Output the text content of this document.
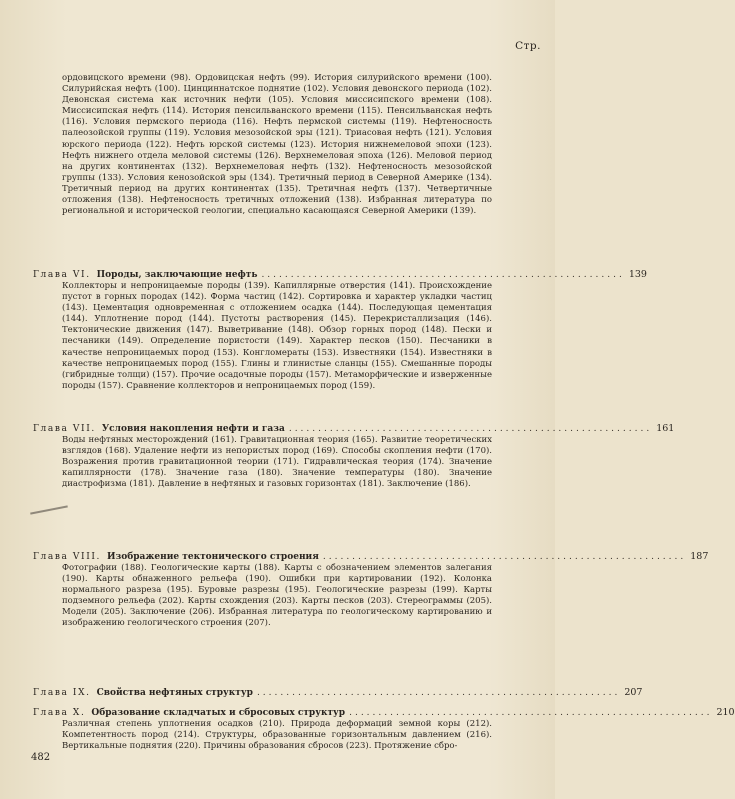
Стр.

ордовицского времени (98). Ордовицская нефть (99). История силурийского времени (100). Силурийская нефть (100). Цинциннатское поднятие (102). Условия девонского периода (102). Девонская система как источник нефти (105). Условия миссисипского времени (108). Миссисипская нефть (114). История пенсильванского времени (115). Пенсильванская нефть (116). Условия пермского периода (116). Нефть пермской системы (119). Нефтеносность палеозойской группы (119). Условия мезозойской эры (121). Триасовая нефть (121). Условия юрского периода (122). Нефть юрской системы (123). История нижнемеловой эпохи (123). Нефть нижнего отдела меловой системы (126). Верхнемеловая эпоха (126). Меловой период на других континентах (132). Верхнемеловая нефть (132). Нефтеносность мезозойской группы (133). Условия кенозойской эры (134). Третичный период в Северной Америке (134). Третичный период на других континентах (135). Третичная нефть (137). Четвертичные отложения (138). Нефтеносность третичных отложений (138). Избранная литература по региональной и исторической геологии, специально касающаяся Северной Америки (139).

Глава VI. Породы, заключающие нефть .............................................................. 139

Коллекторы и непроницаемые породы (139). Капиллярные отверстия (141). Происхождение пустот в горных породах (142). Форма частиц (142). Сортировка и характер укладки частиц (143). Цементация одновременная с отложением осадка (144). Последующая цементация (144). Уплотнение пород (144). Пустоты растворения (145). Перекристаллизация (146). Тектонические движения (147). Выветривание (148). Обзор горных пород (148). Пески и песчаники (149). Определение пористости (149). Характер песков (150). Песчаники в качестве непроницаемых пород (153). Конгломераты (153). Известняки (154). Известняки в качестве непроницаемых пород (155). Глины и глинистые сланцы (155). Смешанные породы (гибридные толщи) (157). Прочие осадочные породы (157). Метаморфические и изверженные породы (157). Сравнение коллекторов и непроницаемых пород (159).

Глава VII. Условия накопления нефти и газа .............................................................. 161

Воды нефтяных месторождений (161). Гравитационная теория (165). Развитие теоретических взглядов (168). Удаление нефти из непористых пород (169). Способы скопления нефти (170). Возражения против гравитационной теории (171). Гидравлическая теория (174). Значение капиллярности (178). Значение газа (180). Значение температуры (180). Значение диастрофизма (181). Давление в нефтяных и газовых горизонтах (181). Заключение (186).

Глава VIII. Изображение тектонического строения .............................................................. 187

Фотографии (188). Геологические карты (188). Карты с обозначением элементов залегания (190). Карты обнаженного рельефа (190). Ошибки при картировании (192). Колонка нормального разреза (195). Буровые разрезы (195). Геологические разрезы (199). Карты подземного рельефа (202). Карты схождения (203). Карты песков (203). Стереограммы (205). Модели (205). Заключение (206). Избранная литература по геологическому картированию и изображению геологического строения (207).

Глава IX. Свойства нефтяных структур .............................................................. 207
Глава X. Образование складчатых и сбросовых структур .............................................................. 210

Различная степень уплотнения осадков (210). Природа деформаций земной коры (212). Компетентность пород (214). Структуры, образованные горизонтальным давлением (216). Вертикальные поднятия (220). Причины образования сбросов (223). Протяжение сбро-

482
